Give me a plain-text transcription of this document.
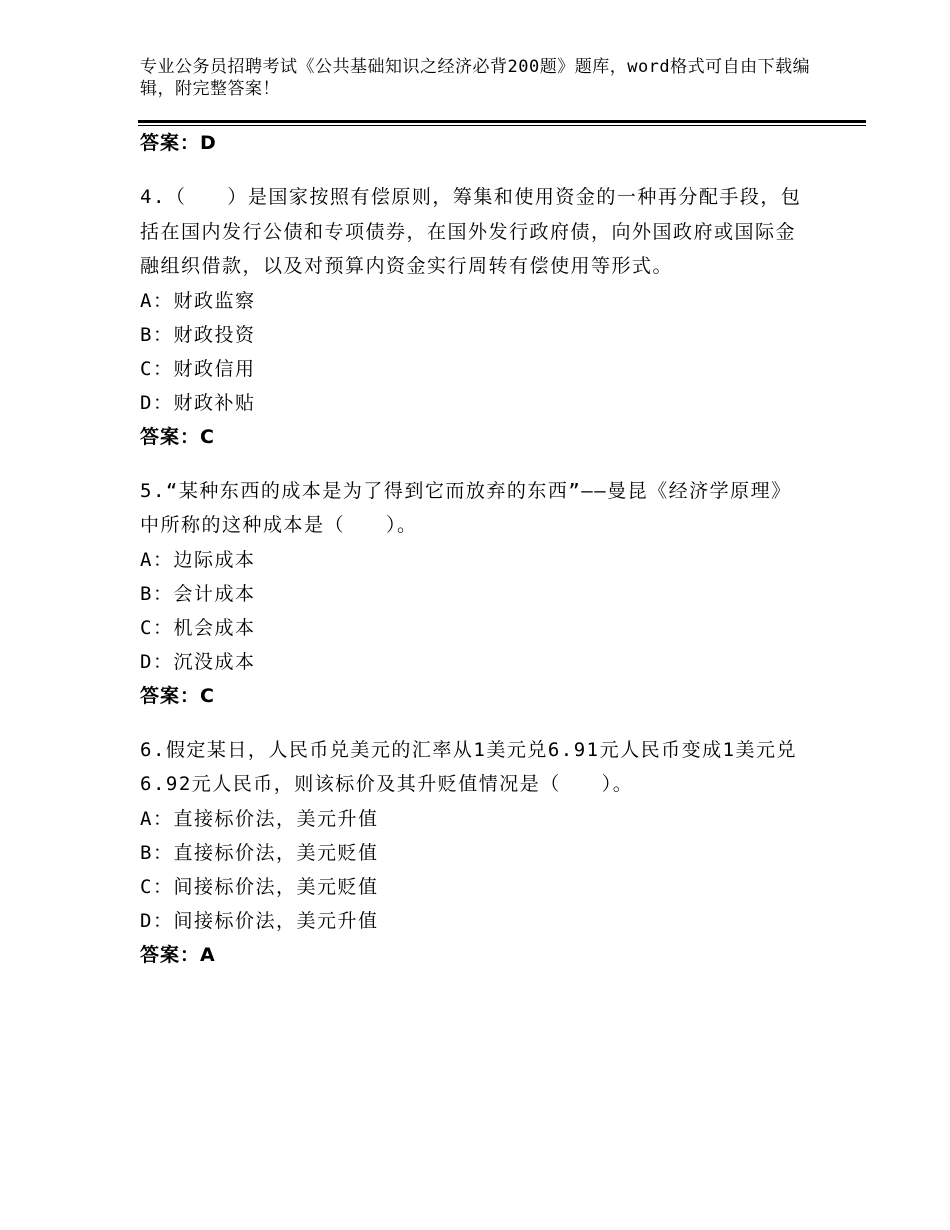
专业公务员招聘考试《公共基础知识之经济必背200题》题库，word格式可自由下载编辑，附完整答案！
答案：D
4.（　　）是国家按照有偿原则，筹集和使用资金的一种再分配手段，包括在国内发行公债和专项债券，在国外发行政府债，向外国政府或国际金融组织借款，以及对预算内资金实行周转有偿使用等形式。
A：财政监察
B：财政投资
C：财政信用
D：财政补贴
答案：C
5.“某种东西的成本是为了得到它而放弃的东西”——曼昆《经济学原理》中所称的这种成本是（　　）。
A：边际成本
B：会计成本
C：机会成本
D：沉没成本
答案：C
6.假定某日，人民币兑美元的汇率从1美元兑6.91元人民币变成1美元兑6.92元人民币，则该标价及其升贬值情况是（　　）。
A：直接标价法，美元升值
B：直接标价法，美元贬值
C：间接标价法，美元贬值
D：间接标价法，美元升值
答案：A
